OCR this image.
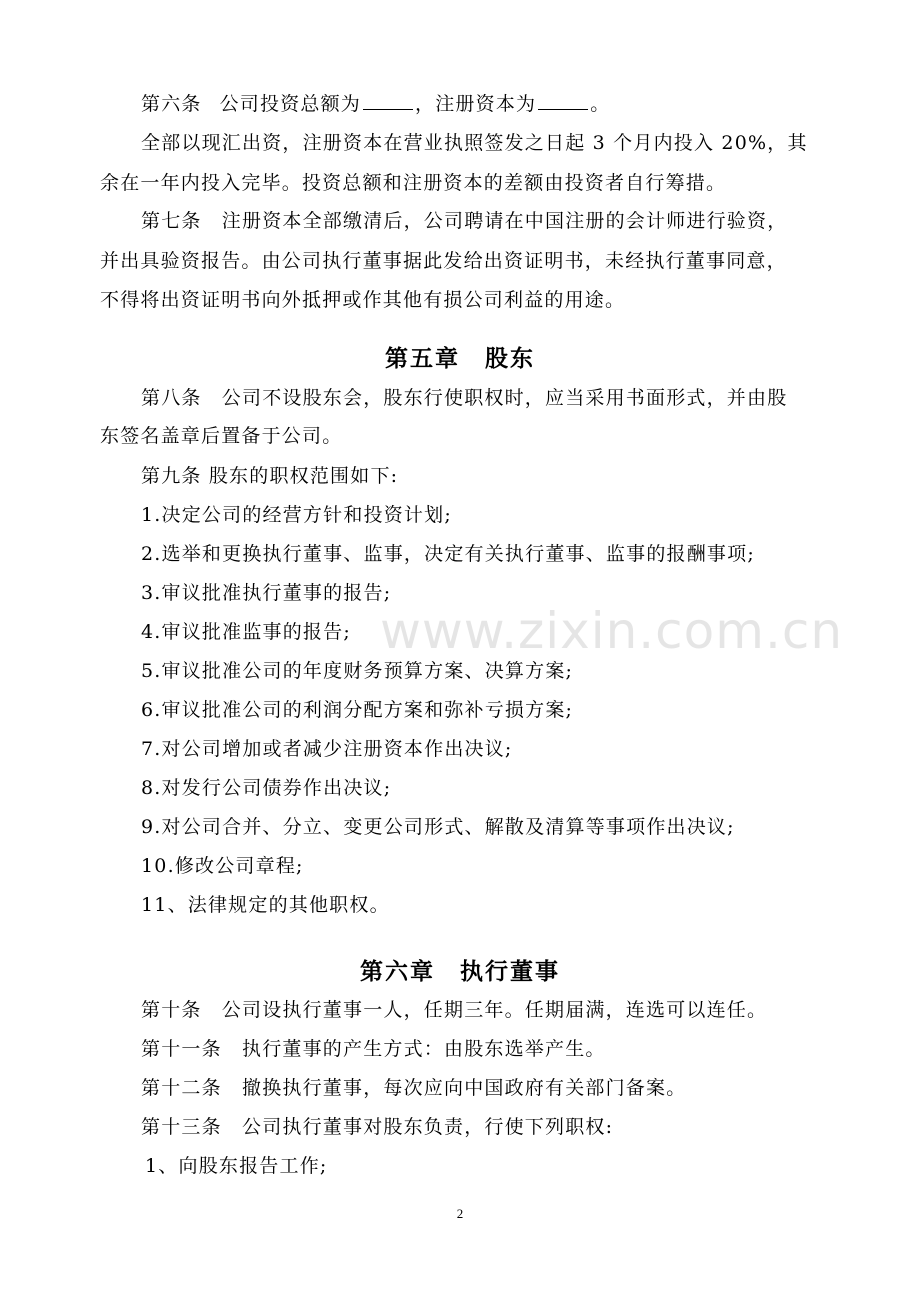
第六条 公司投资总额为	，注册资本为	。
全部以现汇出资，注册资本在营业执照签发之日起 3 个月内投入 20%，其
余在一年内投入完毕。投资总额和注册资本的差额由投资者自行筹措。
第七条　注册资本全部缴清后，公司聘请在中国注册的会计师进行验资，
并出具验资报告。由公司执行董事据此发给出资证明书，未经执行董事同意，
不得将出资证明书向外抵押或作其他有损公司利益的用途。
第五章　股东
第八条　公司不设股东会，股东行使职权时，应当采用书面形式，并由股
东签名盖章后置备于公司。
第九条 股东的职权范围如下:
1.决定公司的经营方针和投资计划;
2.选举和更换执行董事、监事，决定有关执行董事、监事的报酬事项;
3.审议批准执行董事的报告;
4.审议批准监事的报告;
5.审议批准公司的年度财务预算方案、决算方案;
6.审议批准公司的利润分配方案和弥补亏损方案;
7.对公司增加或者减少注册资本作出决议;
8.对发行公司债券作出决议;
9.对公司合并、分立、变更公司形式、解散及清算等事项作出决议;
10.修改公司章程;
11、法律规定的其他职权。
第六章　执行董事
第十条　公司设执行董事一人，任期三年。任期届满，连选可以连任。
第十一条　执行董事的产生方式：由股东选举产生。
第十二条　撤换执行董事，每次应向中国政府有关部门备案。
第十三条　公司执行董事对股东负责，行使下列职权:
1、向股东报告工作;
www.zixin.com.cn
2
